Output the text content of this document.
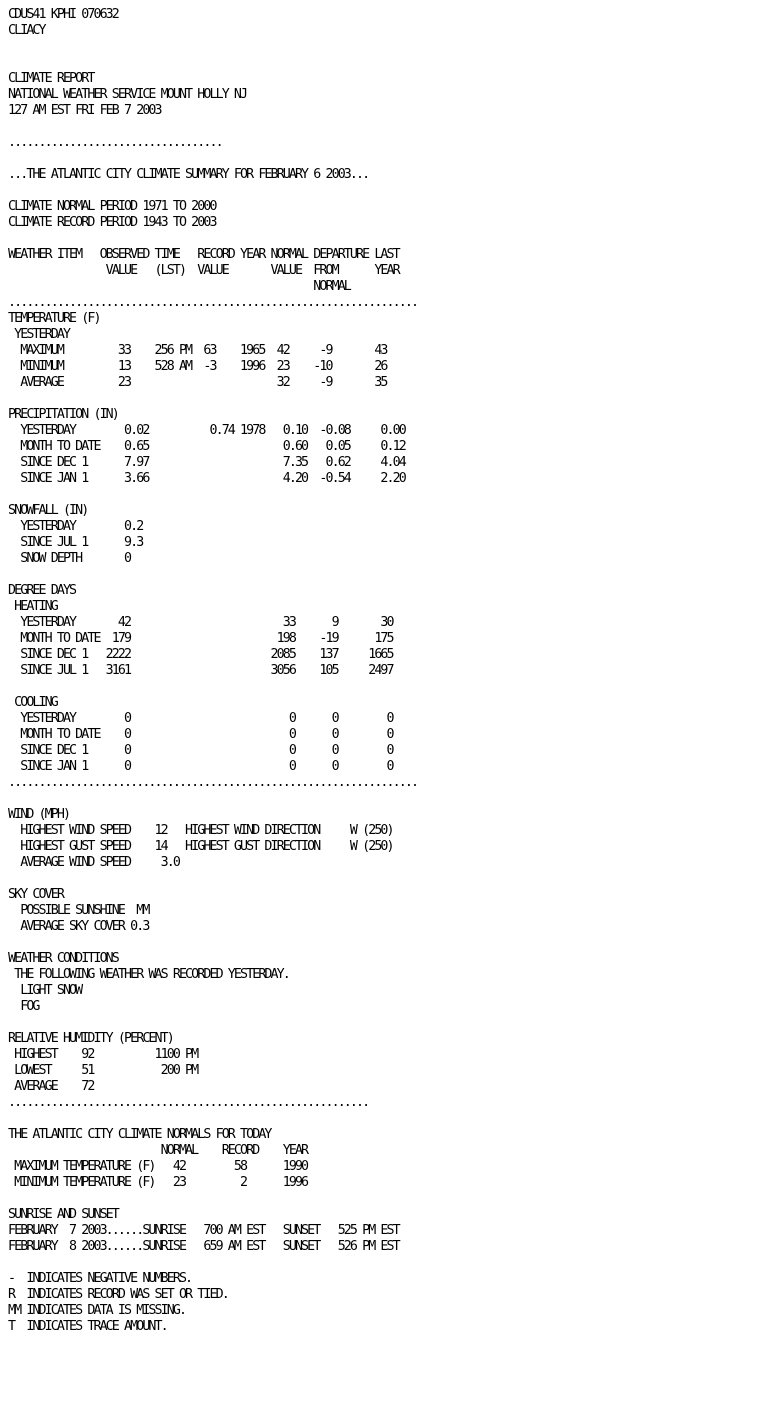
CDUS41 KPHI 070632
CLIACY
CLIMATE REPORT
NATIONAL WEATHER SERVICE MOUNT HOLLY NJ
127 AM EST FRI FEB 7 2003
...................................
...THE ATLANTIC CITY CLIMATE SUMMARY FOR FEBRUARY 6 2003...
CLIMATE NORMAL PERIOD 1971 TO 2000
CLIMATE RECORD PERIOD 1943 TO 2003
WEATHER ITEM   OBSERVED TIME   RECORD YEAR NORMAL DEPARTURE LAST
VALUE   (LST)  VALUE       VALUE  FROM      YEAR
NORMAL
...................................................................
TEMPERATURE (F)
YESTERDAY
MAXIMUM         33    256 PM  63    1965  42     -9       43
MINIMUM         13    528 AM  -3    1996  23    -10       26
AVERAGE         23                        32     -9       35
PRECIPITATION (IN)
YESTERDAY        0.02          0.74 1978   0.10  -0.08     0.00
MONTH TO DATE    0.65                      0.60   0.05     0.12
SINCE DEC 1      7.97                      7.35   0.62     4.04
SINCE JAN 1      3.66                      4.20  -0.54     2.20
SNOWFALL (IN)
YESTERDAY        0.2
SINCE JUL 1      9.3
SNOW DEPTH       0
DEGREE DAYS
HEATING
YESTERDAY       42                         33      9       30
MONTH TO DATE  179                        198    -19      175
SINCE DEC 1   2222                       2085    137     1665
SINCE JUL 1   3161                       3056    105     2497
COOLING
YESTERDAY        0                          0      0        0
MONTH TO DATE    0                          0      0        0
SINCE DEC 1      0                          0      0        0
SINCE JAN 1      0                          0      0        0
...................................................................
WIND (MPH)
HIGHEST WIND SPEED    12   HIGHEST WIND DIRECTION     W (250)
HIGHEST GUST SPEED    14   HIGHEST GUST DIRECTION     W (250)
AVERAGE WIND SPEED     3.0
SKY COVER
POSSIBLE SUNSHINE  MM
AVERAGE SKY COVER 0.3
WEATHER CONDITIONS
THE FOLLOWING WEATHER WAS RECORDED YESTERDAY.
LIGHT SNOW
FOG
RELATIVE HUMIDITY (PERCENT)
HIGHEST    92          1100 PM
LOWEST     51           200 PM
AVERAGE    72
...........................................................
THE ATLANTIC CITY CLIMATE NORMALS FOR TODAY
NORMAL    RECORD    YEAR
MAXIMUM TEMPERATURE (F)   42        58      1990
MINIMUM TEMPERATURE (F)   23         2      1996
SUNRISE AND SUNSET
FEBRUARY  7 2003......SUNRISE   700 AM EST   SUNSET   525 PM EST
FEBRUARY  8 2003......SUNRISE   659 AM EST   SUNSET   526 PM EST
-  INDICATES NEGATIVE NUMBERS.
R  INDICATES RECORD WAS SET OR TIED.
MM INDICATES DATA IS MISSING.
T  INDICATES TRACE AMOUNT.
